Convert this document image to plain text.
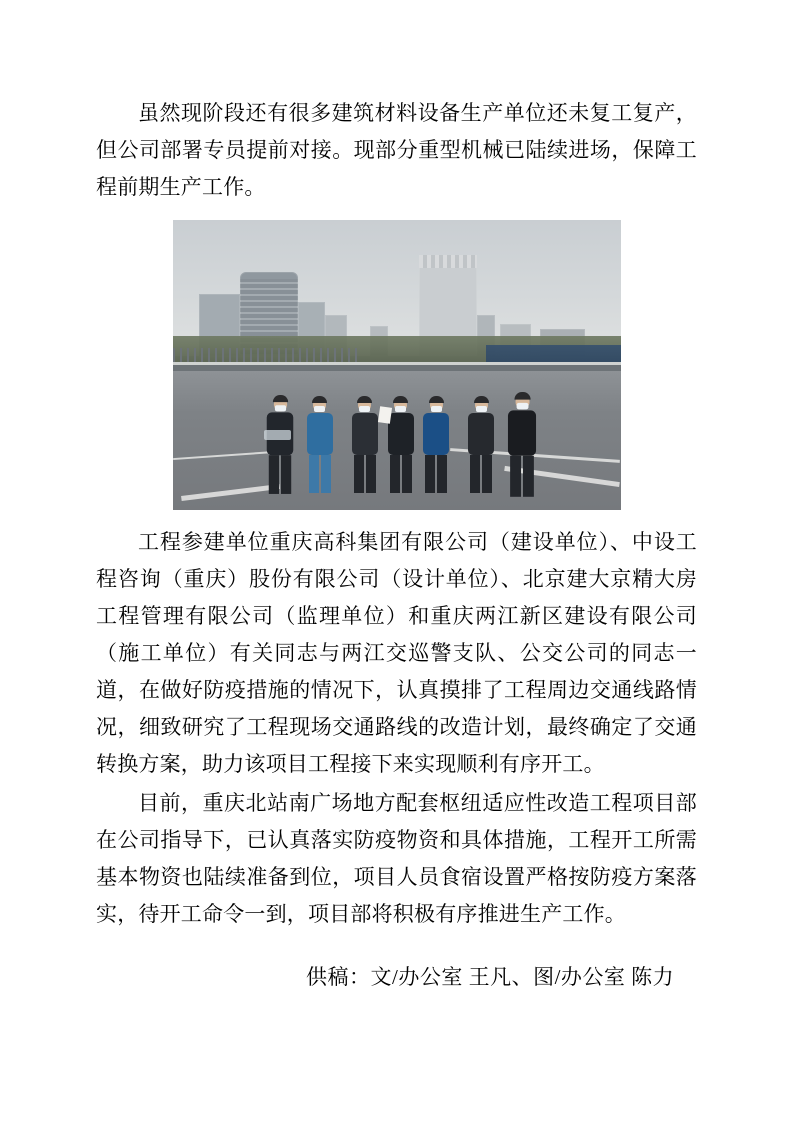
虽然现阶段还有很多建筑材料设备生产单位还未复工复产，但公司部署专员提前对接。现部分重型机械已陆续进场，保障工程前期生产工作。

工程参建单位重庆高科集团有限公司（建设单位）、中设工程咨询（重庆）股份有限公司（设计单位）、北京建大京精大房工程管理有限公司（监理单位）和重庆两江新区建设有限公司（施工单位）有关同志与两江交巡警支队、公交公司的同志一道，在做好防疫措施的情况下，认真摸排了工程周边交通线路情况，细致研究了工程现场交通路线的改造计划，最终确定了交通转换方案，助力该项目工程接下来实现顺利有序开工。

目前，重庆北站南广场地方配套枢纽适应性改造工程项目部在公司指导下，已认真落实防疫物资和具体措施，工程开工所需基本物资也陆续准备到位，项目人员食宿设置严格按防疫方案落实，待开工命令一到，项目部将积极有序推进生产工作。

供稿：文/办公室 王凡、图/办公室 陈力
